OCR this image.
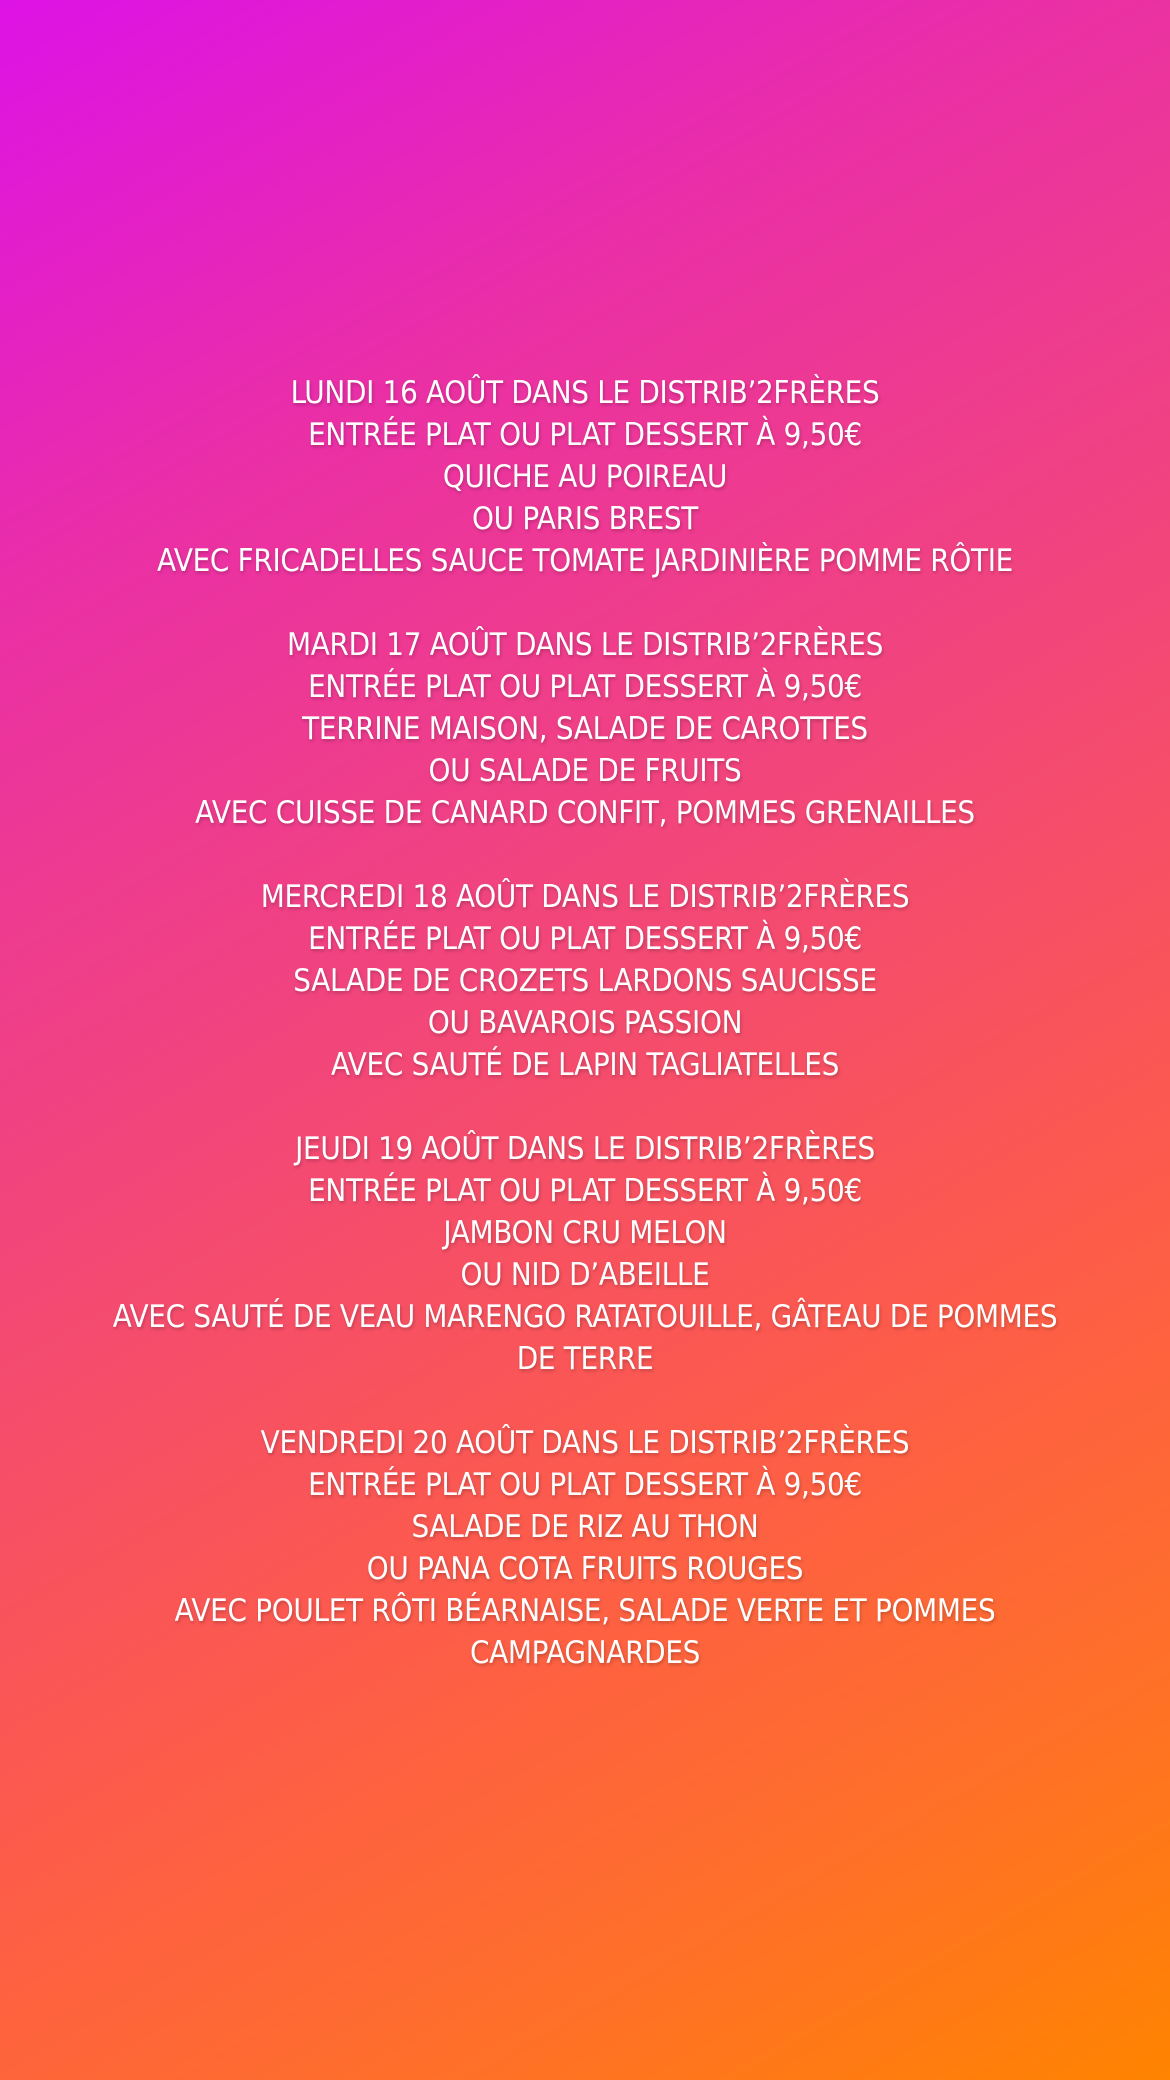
LUNDI 16 AOÛT DANS LE DISTRIB’2FRÈRES
ENTRÉE PLAT OU PLAT DESSERT À 9,50€
QUICHE AU POIREAU
OU PARIS BREST
AVEC FRICADELLES SAUCE TOMATE JARDINIÈRE POMME RÔTIE
MARDI 17 AOÛT DANS LE DISTRIB’2FRÈRES
ENTRÉE PLAT OU PLAT DESSERT À 9,50€
TERRINE MAISON, SALADE DE CAROTTES
OU SALADE DE FRUITS
AVEC CUISSE DE CANARD CONFIT, POMMES GRENAILLES
MERCREDI 18 AOÛT DANS LE DISTRIB’2FRÈRES
ENTRÉE PLAT OU PLAT DESSERT À 9,50€
SALADE DE CROZETS LARDONS SAUCISSE
OU BAVAROIS PASSION
AVEC SAUTÉ DE LAPIN TAGLIATELLES
JEUDI 19 AOÛT DANS LE DISTRIB’2FRÈRES
ENTRÉE PLAT OU PLAT DESSERT À 9,50€
JAMBON CRU MELON
OU NID D’ABEILLE
AVEC SAUTÉ DE VEAU MARENGO RATATOUILLE, GÂTEAU DE POMMES DE TERRE
VENDREDI 20 AOÛT DANS LE DISTRIB’2FRÈRES
ENTRÉE PLAT OU PLAT DESSERT À 9,50€
SALADE DE RIZ AU THON
OU PANA COTA FRUITS ROUGES
AVEC POULET RÔTI BÉARNAISE, SALADE VERTE ET POMMES CAMPAGNARDES
